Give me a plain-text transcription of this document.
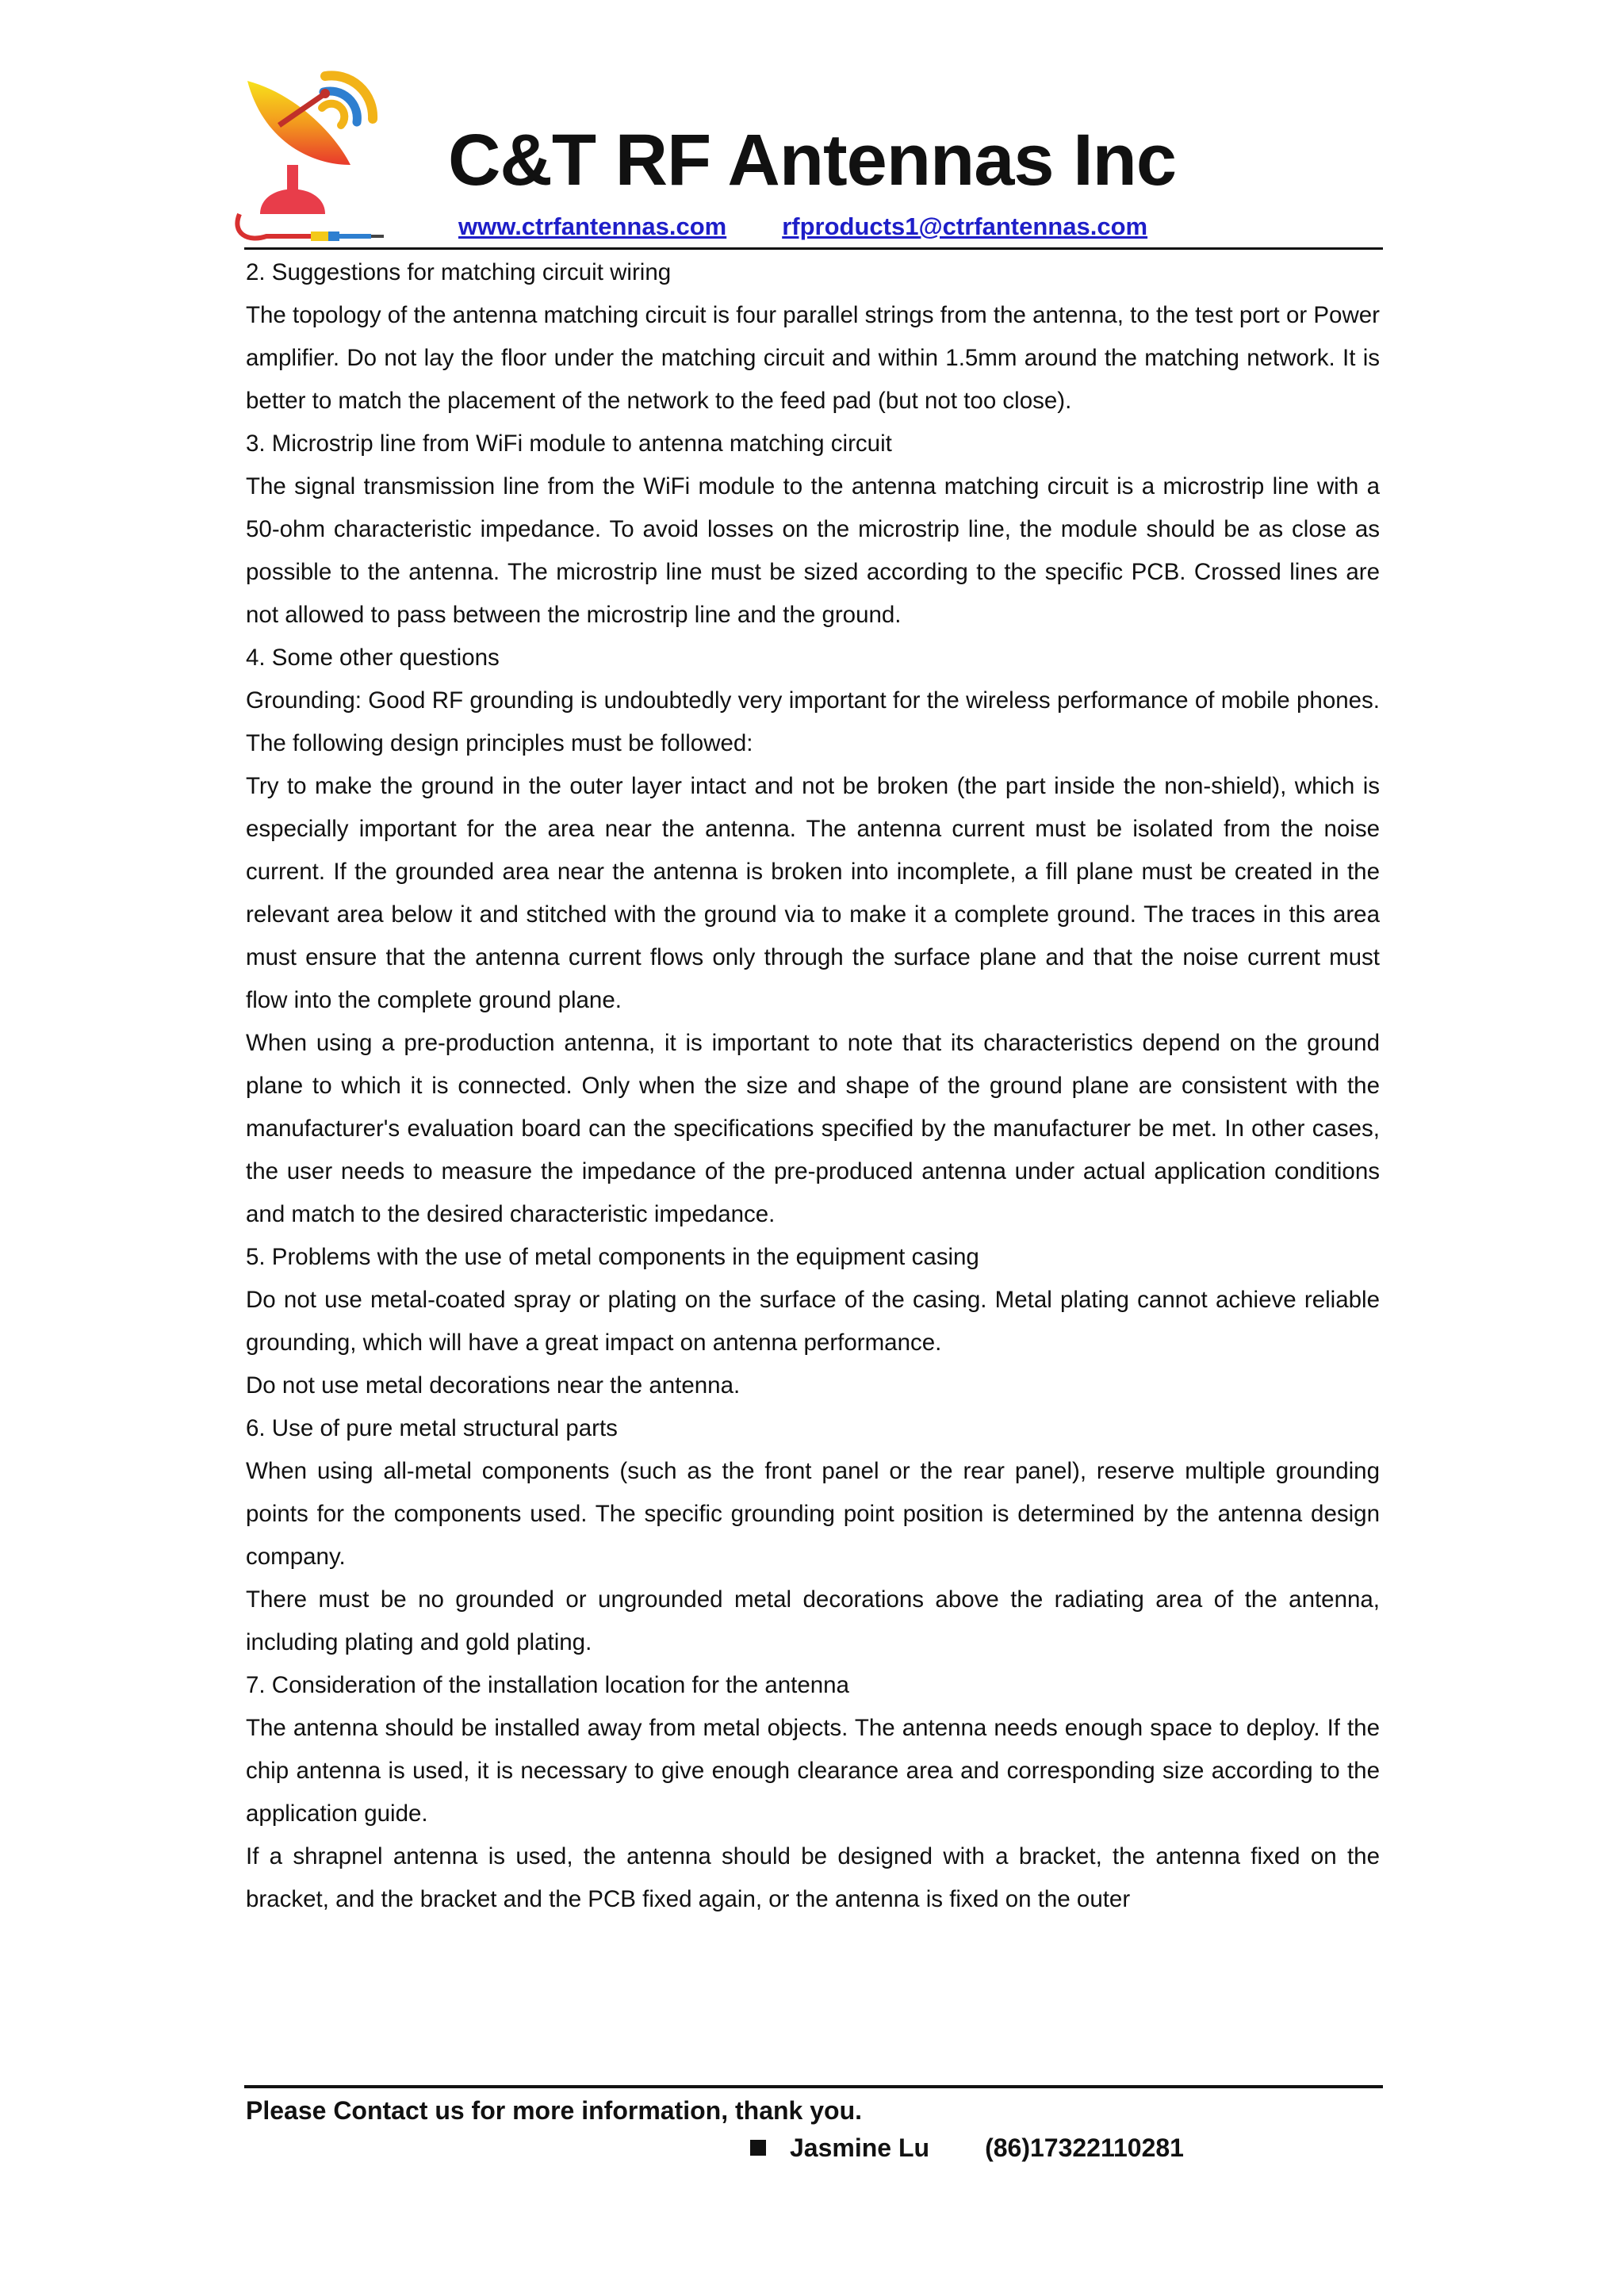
C&T RF Antennas Inc
www.ctrfantennas.com rfproducts1@ctrfantennas.com

2. Suggestions for matching circuit wiring

The topology of the antenna matching circuit is four parallel strings from the antenna, to the test port or Power amplifier. Do not lay the floor under the matching circuit and within 1.5mm around the matching network. It is better to match the placement of the network to the feed pad (but not too close).

3. Microstrip line from WiFi module to antenna matching circuit

The signal transmission line from the WiFi module to the antenna matching circuit is a microstrip line with a 50-ohm characteristic impedance. To avoid losses on the microstrip line, the module should be as close as possible to the antenna. The microstrip line must be sized according to the specific PCB. Crossed lines are not allowed to pass between the microstrip line and the ground.

4. Some other questions

Grounding: Good RF grounding is undoubtedly very important for the wireless performance of mobile phones. The following design principles must be followed:

Try to make the ground in the outer layer intact and not be broken (the part inside the non-shield), which is especially important for the area near the antenna. The antenna current must be isolated from the noise current. If the grounded area near the antenna is broken into incomplete, a fill plane must be created in the relevant area below it and stitched with the ground via to make it a complete ground. The traces in this area must ensure that the antenna current flows only through the surface plane and that the noise current must flow into the complete ground plane.

When using a pre-production antenna, it is important to note that its characteristics depend on the ground plane to which it is connected. Only when the size and shape of the ground plane are consistent with the manufacturer's evaluation board can the specifications specified by the manufacturer be met. In other cases, the user needs to measure the impedance of the pre-produced antenna under actual application conditions and match to the desired characteristic impedance.

5. Problems with the use of metal components in the equipment casing

Do not use metal-coated spray or plating on the surface of the casing. Metal plating cannot achieve reliable grounding, which will have a great impact on antenna performance.

Do not use metal decorations near the antenna.

6. Use of pure metal structural parts

When using all-metal components (such as the front panel or the rear panel), reserve multiple grounding points for the components used. The specific grounding point position is determined by the antenna design company.

There must be no grounded or ungrounded metal decorations above the radiating area of the antenna, including plating and gold plating.

7. Consideration of the installation location for the antenna

The antenna should be installed away from metal objects. The antenna needs enough space to deploy. If the chip antenna is used, it is necessary to give enough clearance area and corresponding size according to the application guide.

If a shrapnel antenna is used, the antenna should be designed with a bracket, the antenna fixed on the bracket, and the bracket and the PCB fixed again, or the antenna is fixed on the outer

Please Contact us for more information, thank you.
Jasmine Lu (86)17322110281
